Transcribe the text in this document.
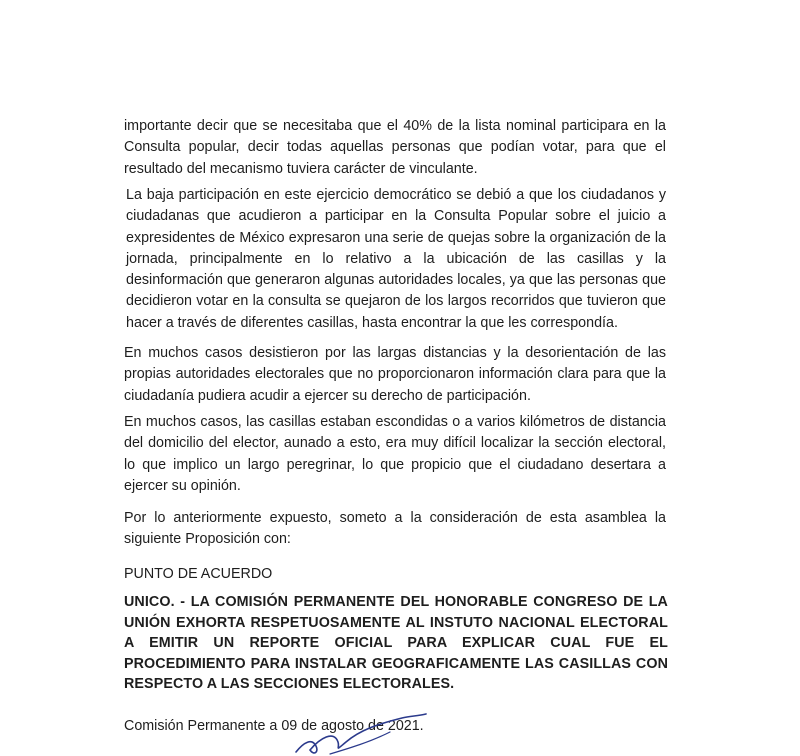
importante decir que se necesitaba que el 40% de la lista nominal participara en la Consulta popular, decir todas aquellas personas que podían votar, para que el resultado del mecanismo tuviera carácter de vinculante.

La baja participación en este ejercicio democrático se debió a que los ciudadanos y ciudadanas que acudieron a participar en la Consulta Popular sobre el juicio a expresidentes de México expresaron una serie de quejas sobre la organización de la jornada, principalmente en lo relativo a la ubicación de las casillas y la desinformación que generaron algunas autoridades locales, ya que las personas que decidieron votar en la consulta se quejaron de los largos recorridos que tuvieron que hacer a través de diferentes casillas, hasta encontrar la que les correspondía.

En muchos casos desistieron por las largas distancias y la desorientación de las propias autoridades electorales que no proporcionaron información clara para que la ciudadanía pudiera acudir a ejercer su derecho de participación.

En muchos casos, las casillas estaban escondidas o a varios kilómetros de distancia del domicilio del elector, aunado a esto, era muy difícil localizar la sección electoral, lo que implico un largo peregrinar, lo que propicio que el ciudadano desertara a ejercer su opinión.

Por lo anteriormente expuesto, someto a la consideración de esta asamblea la siguiente Proposición con:

PUNTO DE ACUERDO

UNICO. - LA COMISIÓN PERMANENTE DEL HONORABLE CONGRESO DE LA UNIÓN EXHORTA RESPETUOSAMENTE AL INSTUTO NACIONAL ELECTORAL A EMITIR UN REPORTE OFICIAL PARA EXPLICAR CUAL FUE EL PROCEDIMIENTO PARA INSTALAR GEOGRAFICAMENTE LAS CASILLAS CON RESPECTO A LAS SECCIONES ELECTORALES.

Comisión Permanente a 09 de agosto de 2021.
